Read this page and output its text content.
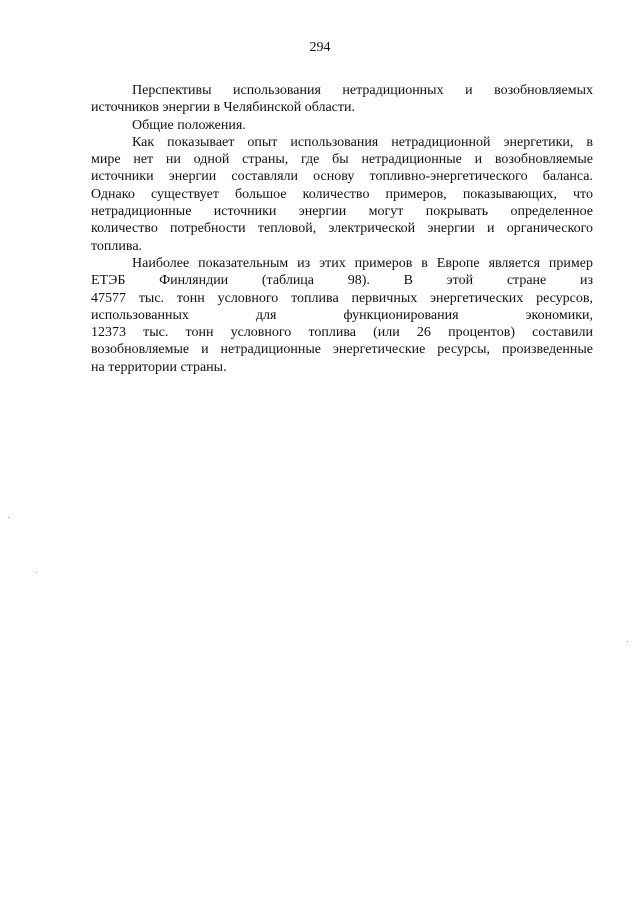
294
Перспективы использования нетрадиционных и возобновляемых
источников энергии в Челябинской области.
Общие положения.
Как показывает опыт использования нетрадиционной энергетики, в
мире нет ни одной страны, где бы нетрадиционные и возобновляемые
источники энергии составляли основу топливно-энергетического баланса.
Однако существует большое количество примеров, показывающих, что
нетрадиционные источники энергии могут покрывать определенное
количество потребности тепловой, электрической энергии и органического
топлива.
Наиболее показательным из этих примеров в Европе является пример
ЕТЭБ Финляндии (таблица 98). В этой стране из
47577 тыс. тонн условного топлива первичных энергетических ресурсов,
использованных для функционирования экономики,
12373 тыс. тонн условного топлива (или 26 процентов) составили
возобновляемые и нетрадиционные энергетические ресурсы, произведенные
на территории страны.
